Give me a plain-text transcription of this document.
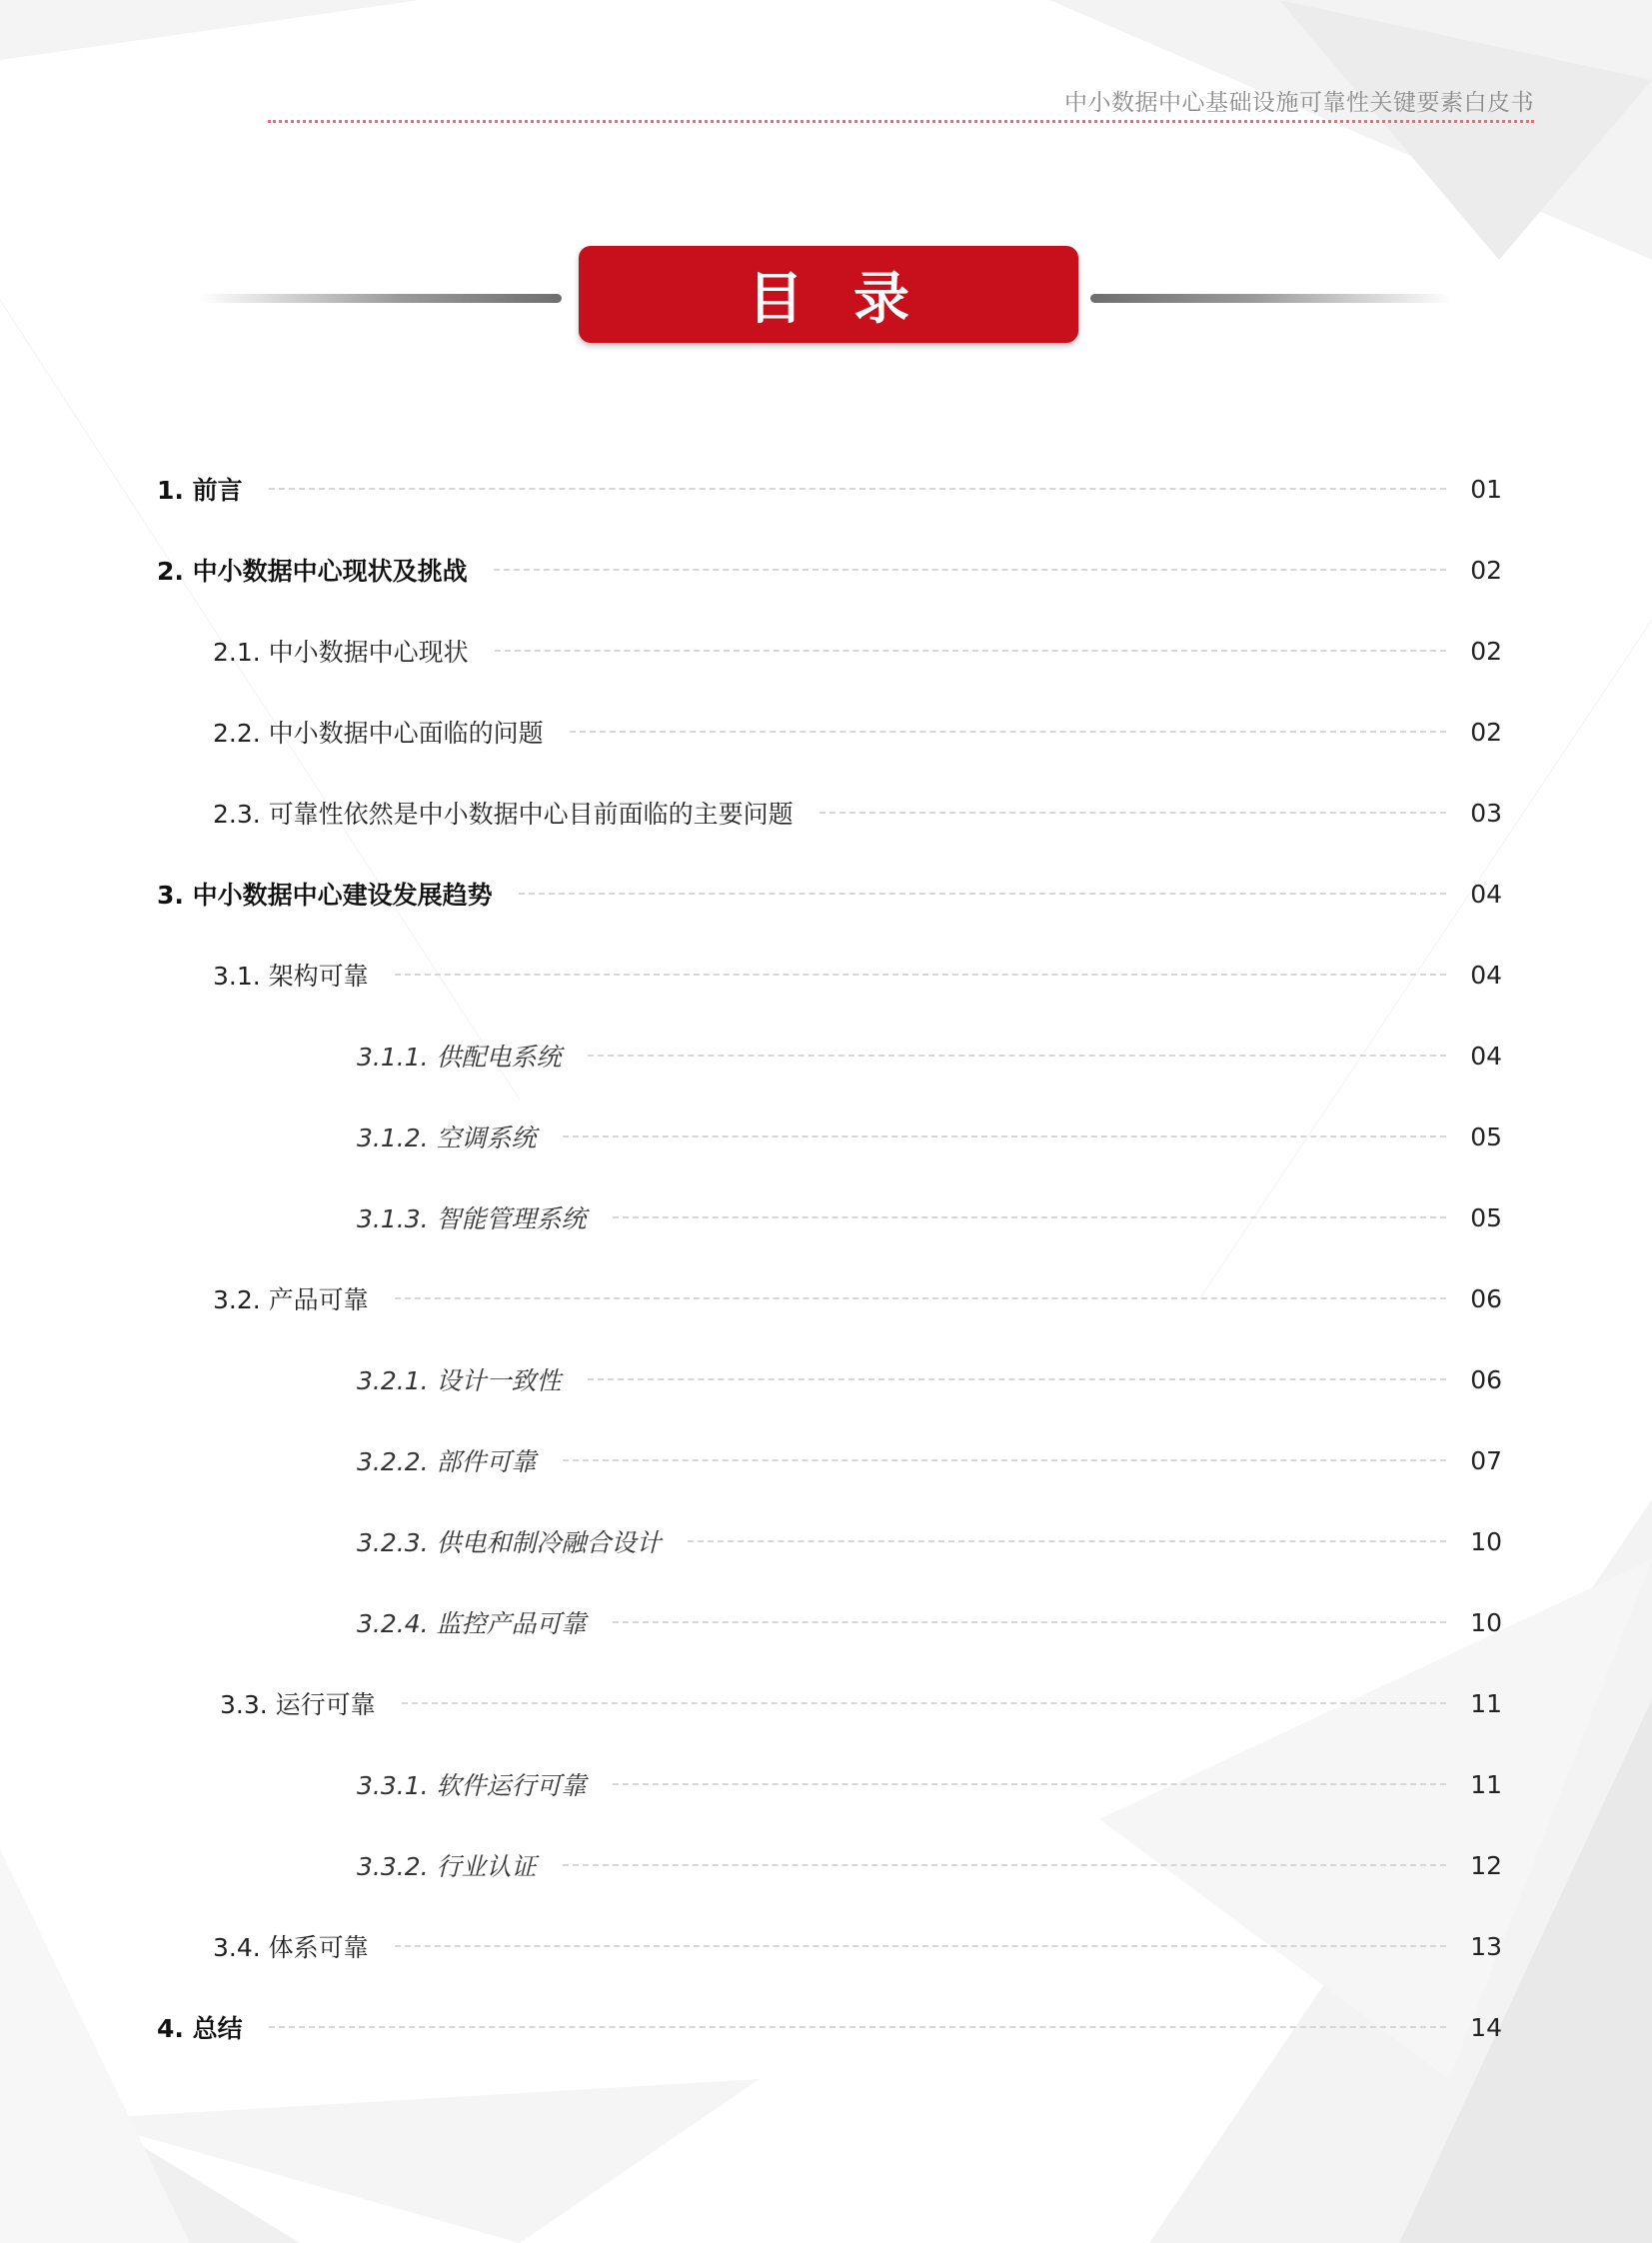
中小数据中心基础设施可靠性关键要素白皮书
目录
1. 前言	01
2. 中小数据中心现状及挑战	02
2.1. 中小数据中心现状	02
2.2. 中小数据中心面临的问题	02
2.3. 可靠性依然是中小数据中心目前面临的主要问题	03
3. 中小数据中心建设发展趋势	04
3.1. 架构可靠	04
3.1.1. 供配电系统	04
3.1.2. 空调系统	05
3.1.3. 智能管理系统	05
3.2. 产品可靠	06
3.2.1. 设计一致性	06
3.2.2. 部件可靠	07
3.2.3. 供电和制冷融合设计	10
3.2.4. 监控产品可靠	10
3.3. 运行可靠	11
3.3.1. 软件运行可靠	11
3.3.2. 行业认证	12
3.4. 体系可靠	13
4. 总结	14
